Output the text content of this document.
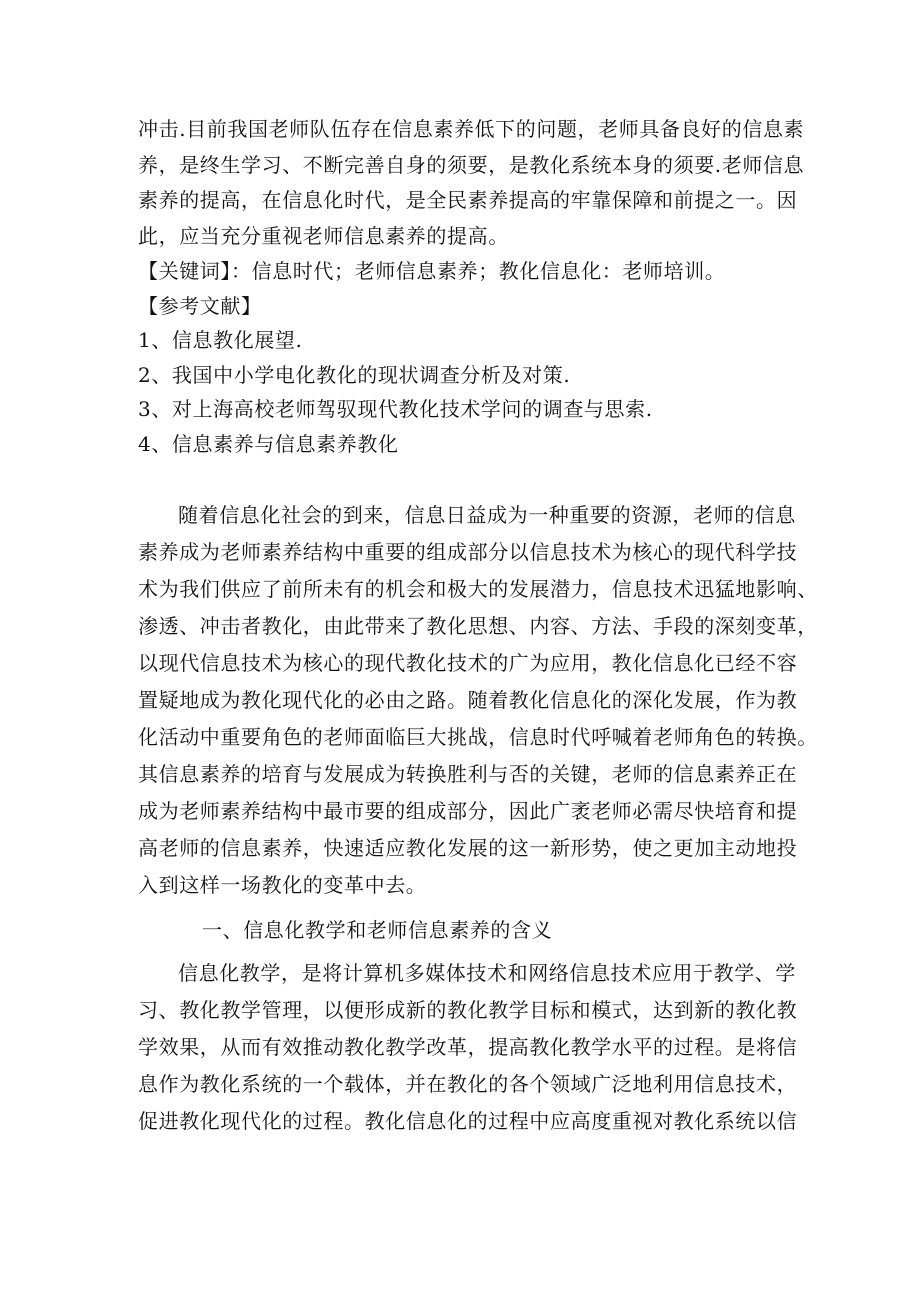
冲击.目前我国老师队伍存在信息素养低下的问题，老师具备良好的信息素
养，是终生学习、不断完善自身的须要，是教化系统本身的须要.老师信息
素养的提高，在信息化时代，是全民素养提高的牢靠保障和前提之一。因
此，应当充分重视老师信息素养的提高。
【关键词】：信息时代；老师信息素养；教化信息化：老师培训。
【参考文献】
1、信息教化展望.
2、我国中小学电化教化的现状调查分析及对策.
3、对上海高校老师驾驭现代教化技术学问的调查与思索.
4、信息素养与信息素养教化
随着信息化社会的到来，信息日益成为一种重要的资源，老师的信息
素养成为老师素养结构中重要的组成部分以信息技术为核心的现代科学技
术为我们供应了前所未有的机会和极大的发展潜力，信息技术迅猛地影响、
渗透、冲击者教化，由此带来了教化思想、内容、方法、手段的深刻变革，
以现代信息技术为核心的现代教化技术的广为应用，教化信息化已经不容
置疑地成为教化现代化的必由之路。随着教化信息化的深化发展，作为教
化活动中重要角色的老师面临巨大挑战，信息时代呼喊着老师角色的转换。
其信息素养的培育与发展成为转换胜利与否的关键，老师的信息素养正在
成为老师素养结构中最市要的组成部分，因此广袤老师必需尽快培育和提
高老师的信息素养，快速适应教化发展的这一新形势，使之更加主动地投
入到这样一场教化的变革中去。
一、信息化教学和老师信息素养的含义
信息化教学，是将计算机多媒体技术和网络信息技术应用于教学、学
习、教化教学管理，以便形成新的教化教学目标和模式，达到新的教化教
学效果，从而有效推动教化教学改革，提高教化教学水平的过程。是将信
息作为教化系统的一个载体，并在教化的各个领域广泛地利用信息技术，
促进教化现代化的过程。教化信息化的过程中应高度重视对教化系统以信
